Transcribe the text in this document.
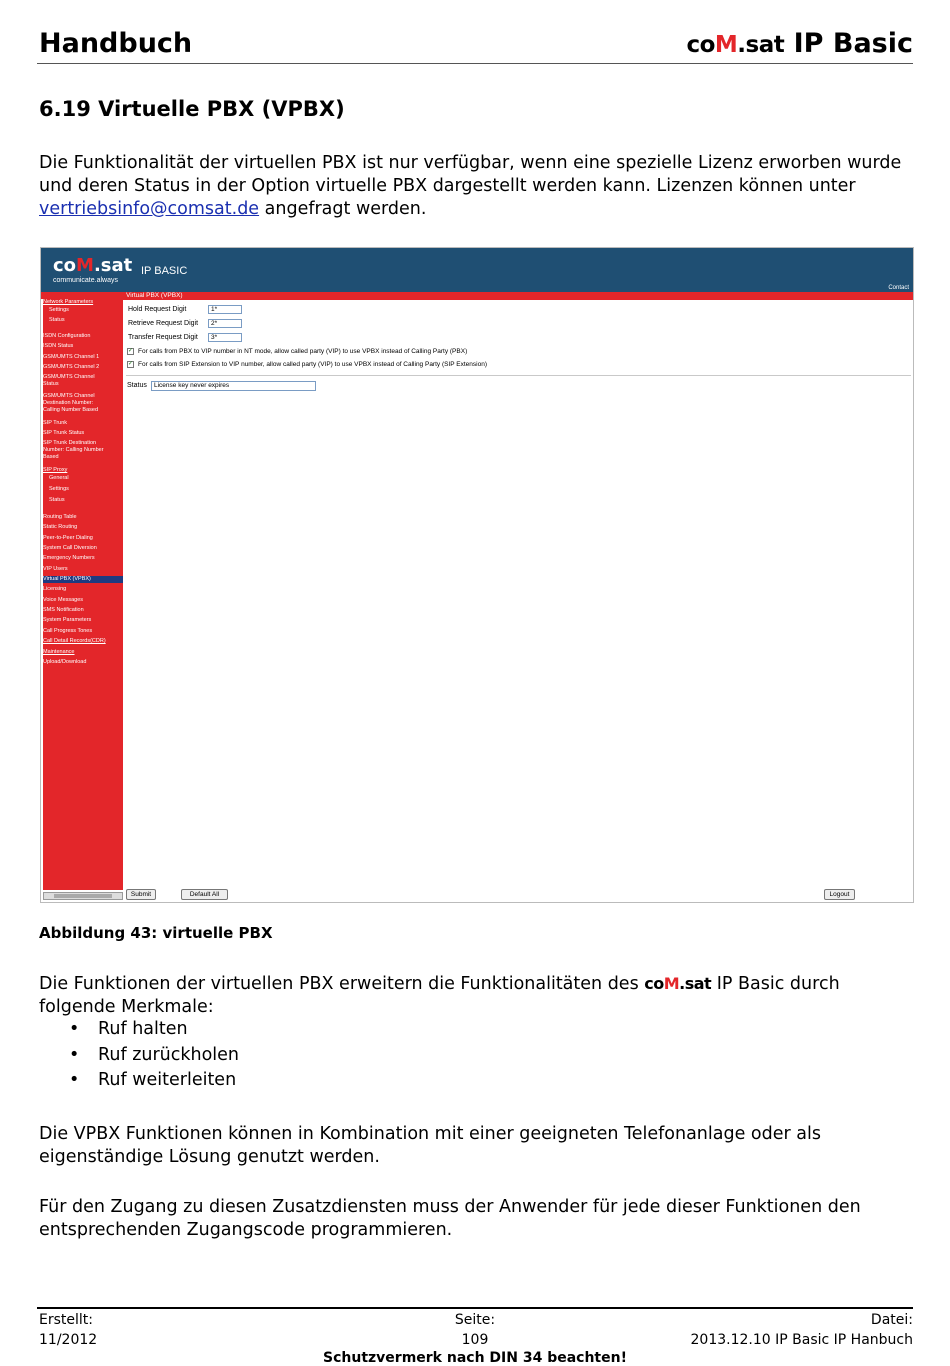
Handbuch	coM.sat IP Basic
6.19 Virtuelle PBX (VPBX)
Die Funktionalität der virtuellen PBX ist nur verfügbar, wenn eine spezielle Lizenz erworben wurde und deren Status in der Option virtuelle PBX dargestellt werden kann. Lizenzen können unter vertriebsinfo@comsat.de angefragt werden.
coM.sat
communicate.always
IP BASIC
Contact
Network Parameters
Settings
Status
ISDN Configuration
ISDN Status
GSM/UMTS Channel 1
GSM/UMTS Channel 2
GSM/UMTS Channel Status
GSM/UMTS Channel Destination Number: Calling Number Based
SIP Trunk
SIP Trunk Status
SIP Trunk Destination Number: Calling Number Based
SIP Proxy
General
Settings
Status
Routing Table
Static Routing
Peer-to-Peer Dialing
System Call Diversion
Emergency Numbers
VIP Users
Virtual PBX (VPBX)
Licensing
Voice Messages
SMS Notification
System Parameters
Call Progress Tones
Call Detail Records(CDR)
Maintenance
Upload/Download
Virtual PBX (VPBX)
Hold Request Digit	1*
Retrieve Request Digit	2*
Transfer Request Digit	3*
✓ For calls from PBX to VIP number in NT mode, allow called party (VIP) to use VPBX instead of Calling Party (PBX)
✓ For calls from SIP Extension to VIP number, allow called party (VIP) to use VPBX instead of Calling Party (SIP Extension)
Status	License key never expires
Submit	Default All	Logout
Abbildung 43: virtuelle PBX
Die Funktionen der virtuellen PBX erweitern die Funktionalitäten des coM.sat IP Basic durch folgende Merkmale:
• Ruf halten
• Ruf zurückholen
• Ruf weiterleiten
Die VPBX Funktionen können in Kombination mit einer geeigneten Telefonanlage oder als eigenständige Lösung genutzt werden.
Für den Zugang zu diesen Zusatzdiensten muss der Anwender für jede dieser Funktionen den entsprechenden Zugangscode programmieren.
Erstellt:
11/2012
Seite:
109
Datei:
2013.12.10 IP Basic IP Hanbuch
Schutzvermerk nach DIN 34 beachten!
